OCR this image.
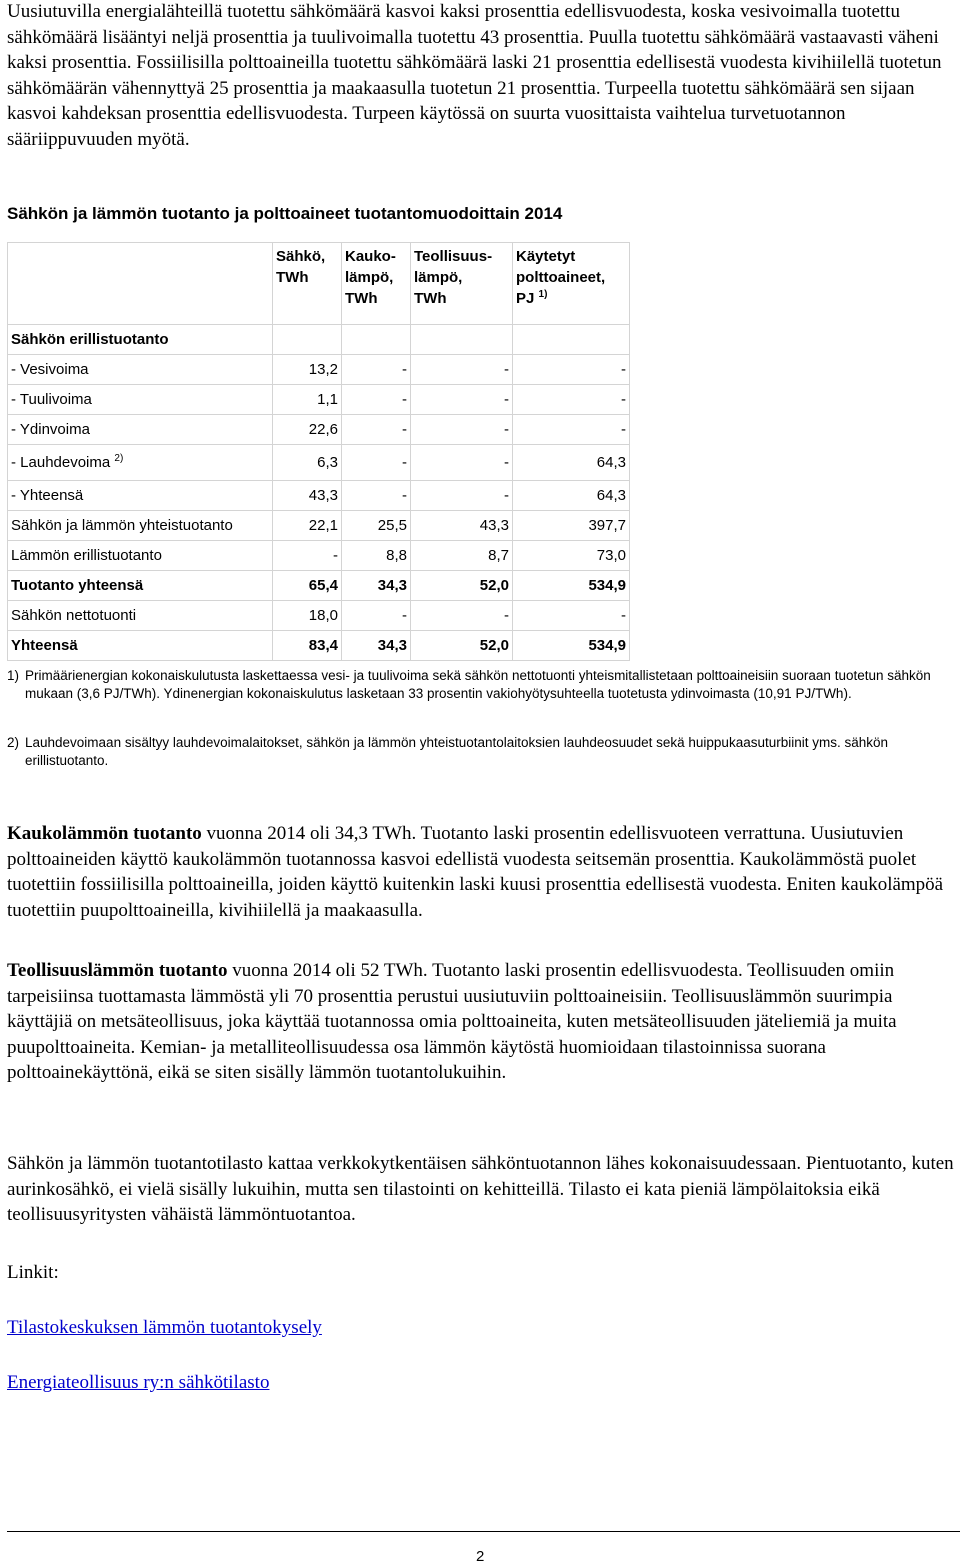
Uusiutuvilla energialähteillä tuotettu sähkömäärä kasvoi kaksi prosenttia edellisvuodesta, koska vesivoimalla tuotettu sähkömäärä lisääntyi neljä prosenttia ja tuulivoimalla tuotettu 43 prosenttia. Puulla tuotettu sähkömäärä vastaavasti väheni kaksi prosenttia. Fossiilisilla polttoaineilla tuotettu sähkömäärä laski 21 prosenttia edellisestä vuodesta kivihiilellä tuotetun sähkömäärän vähennyttyä 25 prosenttia ja maakaasulla tuotetun 21 prosenttia. Turpeella tuotettu sähkömäärä sen sijaan kasvoi kahdeksan prosenttia edellisvuodesta. Turpeen käytössä on suurta vuosittaista vaihtelua turvetuotannon sääriippuvuuden myötä.

Sähkön ja lämmön tuotanto ja polttoaineet tuotantomuodoittain 2014
	Sähkö,
TWh	Kauko-
lämpö,
TWh	Teollisuus-
lämpö,
TWh	Käytetyt
polttoaineet,
PJ $^{1)}$
Sähkön erillistuotanto				
- Vesivoima	13,2	-	-	-
- Tuulivoima	1,1	-	-	-
- Ydinvoima	22,6	-	-	-
- Lauhdevoima $^{2)}$	6,3	-	-	64,3
- Yhteensä	43,3	-	-	64,3
Sähkön ja lämmön yhteistuotanto	22,1	25,5	43,3	397,7
Lämmön erillistuotanto	-	8,8	8,7	73,0
Tuotanto yhteensä	65,4	34,3	52,0	534,9
Sähkön nettotuonti	18,0	-	-	-
Yhteensä	83,4	34,3	52,0	534,9
1) Primäärienergian kokonaiskulutusta laskettaessa vesi- ja tuulivoima sekä sähkön nettotuonti yhteismitallistetaan polttoaineisiin suoraan tuotetun sähkön mukaan (3,6 PJ/TWh). Ydinenergian kokonaiskulutus lasketaan 33 prosentin vakiohyötysuhteella tuotetusta ydinvoimasta (10,91 PJ/TWh).
2) Lauhdevoimaan sisältyy lauhdevoimalaitokset, sähkön ja lämmön yhteistuotantolaitoksien lauhdeosuudet sekä huippukaasuturbiinit yms. sähkön erillistuotanto.

Kaukolämmön tuotanto vuonna 2014 oli 34,3 TWh. Tuotanto laski prosentin edellisvuoteen verrattuna. Uusiutuvien polttoaineiden käyttö kaukolämmön tuotannossa kasvoi edellistä vuodesta seitsemän prosenttia. Kaukolämmöstä puolet tuotettiin fossiilisilla polttoaineilla, joiden käyttö kuitenkin laski kuusi prosenttia edellisestä vuodesta. Eniten kaukolämpöä tuotettiin puupolttoaineilla, kivihiilellä ja maakaasulla.

Teollisuuslämmön tuotanto vuonna 2014 oli 52 TWh. Tuotanto laski prosentin edellisvuodesta. Teollisuuden omiin tarpeisiinsa tuottamasta lämmöstä yli 70 prosenttia perustui uusiutuviin polttoaineisiin. Teollisuuslämmön suurimpia käyttäjiä on metsäteollisuus, joka käyttää tuotannossa omia polttoaineita, kuten metsäteollisuuden jäteliemiä ja muita puupolttoaineita. Kemian- ja metalliteollisuudessa osa lämmön käytöstä huomioidaan tilastoinnissa suorana polttoainekäyttönä, eikä se siten sisälly lämmön tuotantolukuihin.

Sähkön ja lämmön tuotantotilasto kattaa verkkokytkentäisen sähköntuotannon lähes kokonaisuudessaan. Pientuotanto, kuten aurinkosähkö, ei vielä sisälly lukuihin, mutta sen tilastointi on kehitteillä. Tilasto ei kata pieniä lämpölaitoksia eikä teollisuusyritysten vähäistä lämmöntuotantoa.

Linkit:

Tilastokeskuksen lämmön tuotantokysely
Energiateollisuus ry:n sähkötilasto
2
